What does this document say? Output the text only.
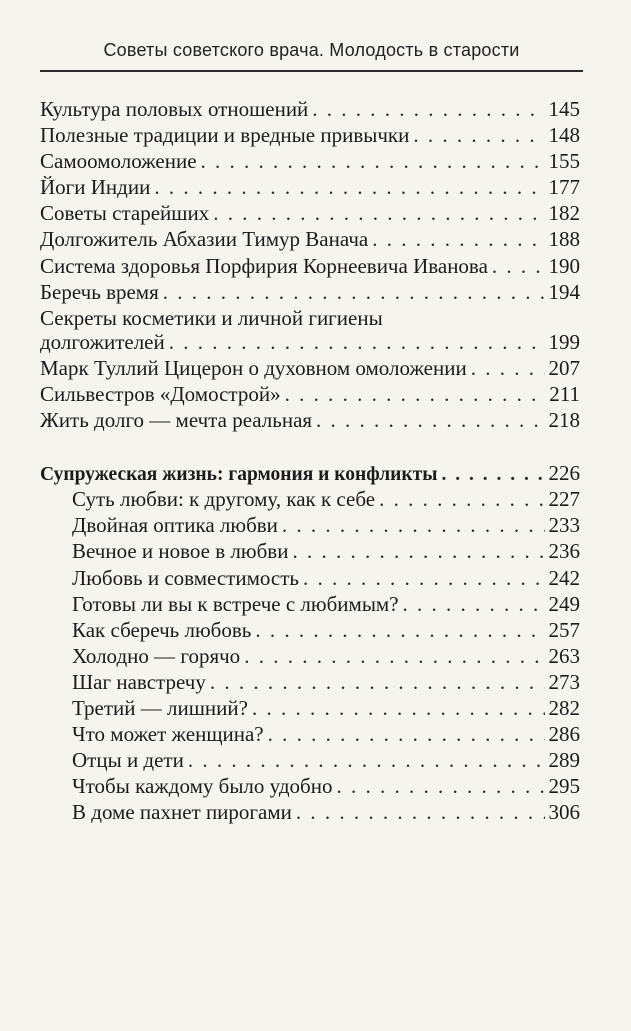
Советы советского врача. Молодость в старости
Культура половых отношений . . .	145
Полезные традиции и вредные привычки . . .	148
Самоомоложение . . .	155
Йоги Индии . . .	177
Советы старейших . . .	182
Долгожитель Абхазии Тимур Ванача . . .	188
Система здоровья Порфирия Корнеевича Иванова . . .	190
Беречь время . . .	194
Секреты косметики и личной гигиены
долгожителей . . .	199
Марк Туллий Цицерон о духовном омоложении . . .	207
Сильвестров «Домострой» . . .	211
Жить долго — мечта реальная . . .	218
Супружеская жизнь: гармония и конфликты . . .	226
Суть любви: к другому, как к себе . . .	227
Двойная оптика любви . . .	233
Вечное и новое в любви . . .	236
Любовь и совместимость . . .	242
Готовы ли вы к встрече с любимым? . . .	249
Как сберечь любовь . . .	257
Холодно — горячо . . .	263
Шаг навстречу . . .	273
Третий — лишний? . . .	282
Что может женщина? . . .	286
Отцы и дети . . .	289
Чтобы каждому было удобно . . .	295
В доме пахнет пирогами . . .	306
